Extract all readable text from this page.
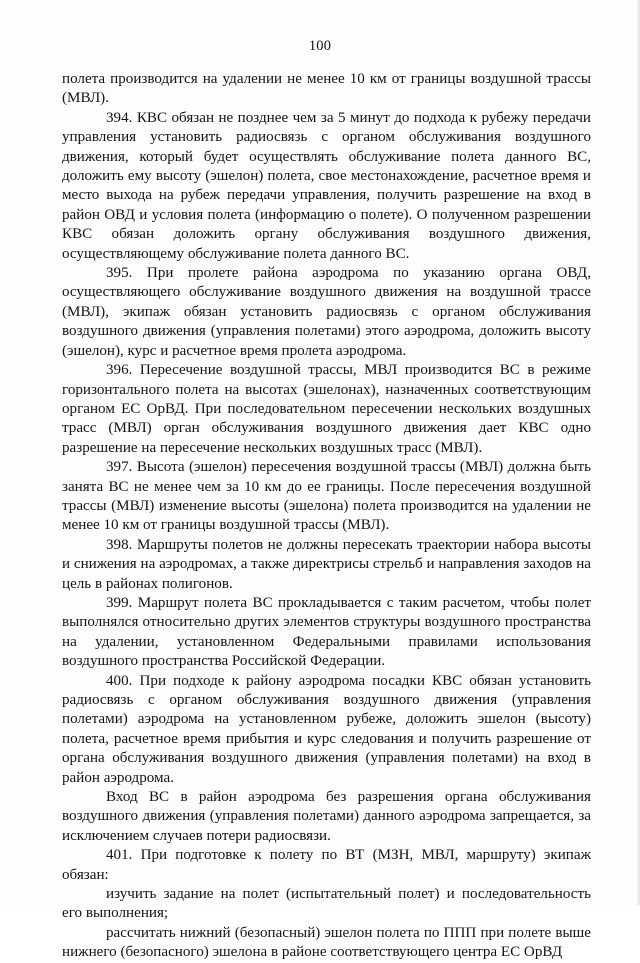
100

полета производится на удалении не менее 10 км от границы воздушной трассы (МВЛ).

394. КВС обязан не позднее чем за 5 минут до подхода к рубежу передачи управления установить радиосвязь с органом обслуживания воздушного движения, который будет осуществлять обслуживание полета данного ВС, доложить ему высоту (эшелон) полета, свое местонахождение, расчетное время и место выхода на рубеж передачи управления, получить разрешение на вход в район ОВД и условия полета (информацию о полете). О полученном разрешении КВС обязан доложить органу обслуживания воздушного движения, осуществляющему обслуживание полета данного ВС.

395. При пролете района аэродрома по указанию органа ОВД, осуществляющего обслуживание воздушного движения на воздушной трассе (МВЛ), экипаж обязан установить радиосвязь с органом обслуживания воздушного движения (управления полетами) этого аэродрома, доложить высоту (эшелон), курс и расчетное время пролета аэродрома.

396. Пересечение воздушной трассы, МВЛ производится ВС в режиме горизонтального полета на высотах (эшелонах), назначенных соответствующим органом ЕС ОрВД. При последовательном пересечении нескольких воздушных трасс (МВЛ) орган обслуживания воздушного движения дает КВС одно разрешение на пересечение нескольких воздушных трасс (МВЛ).

397. Высота (эшелон) пересечения воздушной трассы (МВЛ) должна быть занята ВС не менее чем за 10 км до ее границы. После пересечения воздушной трассы (МВЛ) изменение высоты (эшелона) полета производится на удалении не менее 10 км от границы воздушной трассы (МВЛ).

398. Маршруты полетов не должны пересекать траектории набора высоты и снижения на аэродромах, а также директрисы стрельб и направления заходов на цель в районах полигонов.

399. Маршрут полета ВС прокладывается с таким расчетом, чтобы полет выполнялся относительно других элементов структуры воздушного пространства на удалении, установленном Федеральными правилами использования воздушного пространства Российской Федерации.

400. При подходе к району аэродрома посадки КВС обязан установить радиосвязь с органом обслуживания воздушного движения (управления полетами) аэродрома на установленном рубеже, доложить эшелон (высоту) полета, расчетное время прибытия и курс следования и получить разрешение от органа обслуживания воздушного движения (управления полетами) на вход в район аэродрома.

Вход ВС в район аэродрома без разрешения органа обслуживания воздушного движения (управления полетами) данного аэродрома запрещается, за исключением случаев потери радиосвязи.

401. При подготовке к полету по ВТ (МЗН, МВЛ, маршруту) экипаж обязан:

изучить задание на полет (испытательный полет) и последовательность его выполнения;

рассчитать нижний (безопасный) эшелон полета по ППП при полете выше нижнего (безопасного) эшелона в районе соответствующего центра ЕС ОрВД
